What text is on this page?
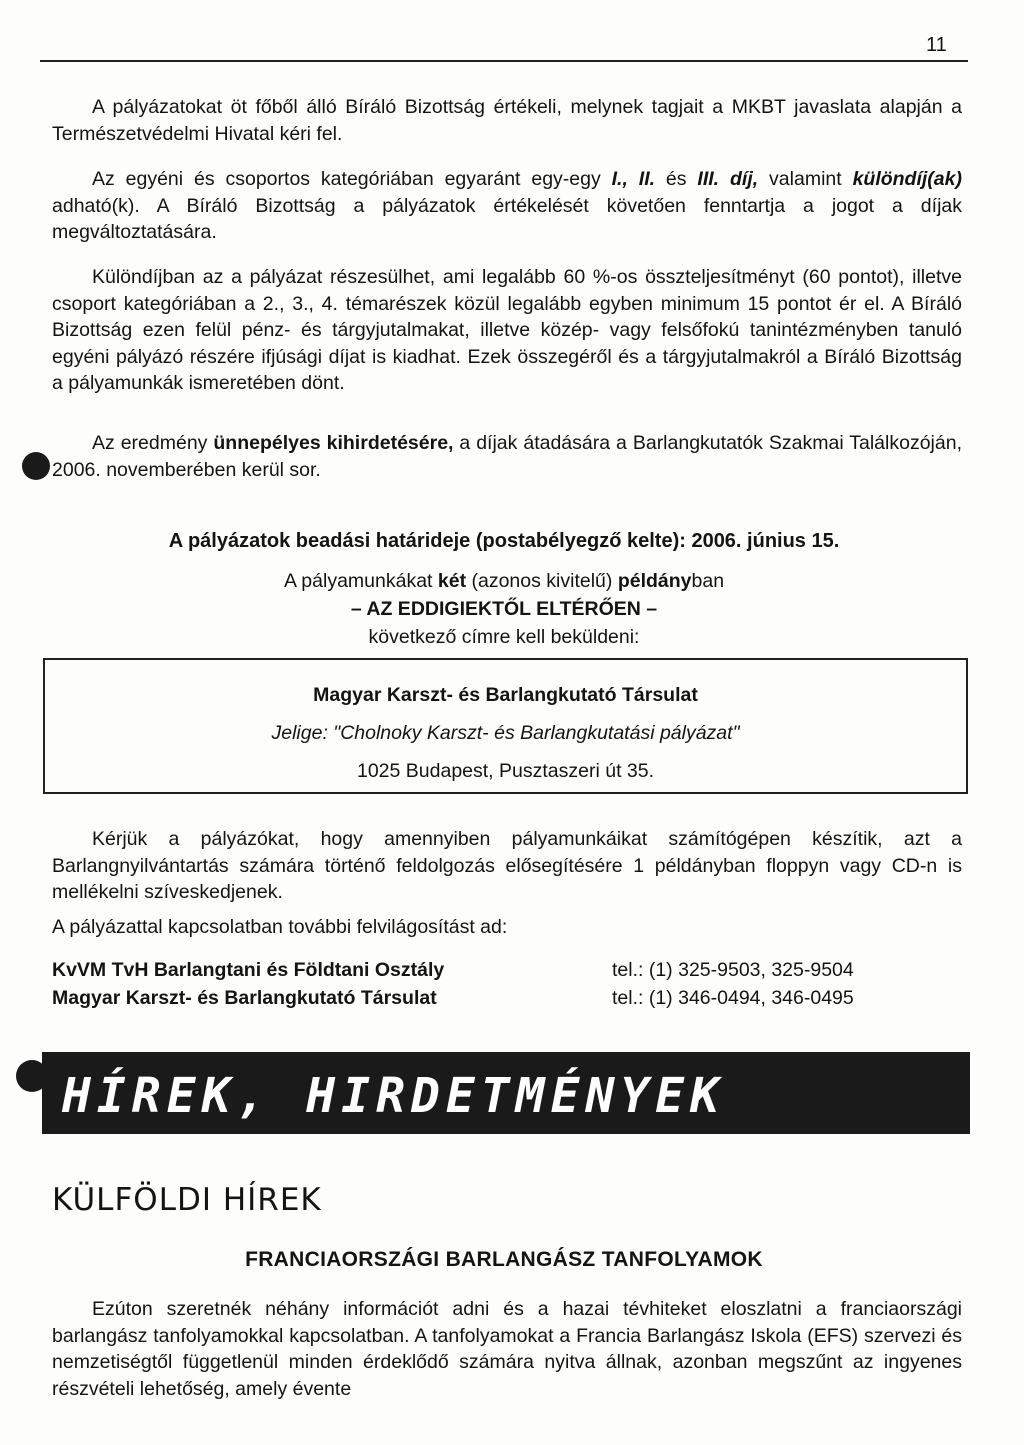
11

A pályázatokat öt főből álló Bíráló Bizottság értékeli, melynek tagjait a MKBT javaslata alapján a Természetvédelmi Hivatal kéri fel.

Az egyéni és csoportos kategóriában egyaránt egy-egy I., II. és III. díj, valamint különdíj(ak) adható(k). A Bíráló Bizottság a pályázatok értékelését követően fenntartja a jogot a díjak megváltoztatására.

Különdíjban az a pályázat részesülhet, ami legalább 60 %-os összteljesítményt (60 pontot), illetve csoport kategóriában a 2., 3., 4. témarészek közül legalább egyben minimum 15 pontot ér el. A Bíráló Bizottság ezen felül pénz- és tárgyjutalmakat, illetve közép- vagy felsőfokú tanintézményben tanuló egyéni pályázó részére ifjúsági díjat is kiadhat. Ezek összegéről és a tárgyjutalmakról a Bíráló Bizottság a pályamunkák ismeretében dönt.

Az eredmény ünnepélyes kihirdetésére, a díjak átadására a Barlangkutatók Szakmai Találkozóján, 2006. novemberében kerül sor.

A pályázatok beadási határideje (postabélyegző kelte): 2006. június 15.
A pályamunkákat két (azonos kivitelű) példányban
– AZ EDDIGIEKTŐL ELTÉRŐEN –
következő címre kell beküldeni:
Magyar Karszt- és Barlangkutató Társulat
Jelige: "Cholnoky Karszt- és Barlangkutatási pályázat"
1025 Budapest, Pusztaszeri út 35.

Kérjük a pályázókat, hogy amennyiben pályamunkáikat számítógépen készítik, azt a Barlangnyilvántartás számára történő feldolgozás elősegítésére 1 példányban floppyn vagy CD-n is mellékelni szíveskedjenek.

A pályázattal kapcsolatban további felvilágosítást ad:

KvVM TvH Barlangtani és Földtani Osztály	tel.: (1) 325-9503, 325-9504
Magyar Karszt- és Barlangkutató Társulat	tel.: (1) 346-0494, 346-0495
HÍREK, HIRDETMÉNYEK
KÜLFÖLDI HÍREK
FRANCIAORSZÁGI BARLANGÁSZ TANFOLYAMOK

Ezúton szeretnék néhány információt adni és a hazai tévhiteket eloszlatni a franciaországi barlangász tanfolyamokkal kapcsolatban. A tanfolyamokat a Francia Barlangász Iskola (EFS) szervezi és nemzetiségtől függetlenül minden érdeklődő számára nyitva állnak, azonban megszűnt az ingyenes részvételi lehetőség, amely évente
